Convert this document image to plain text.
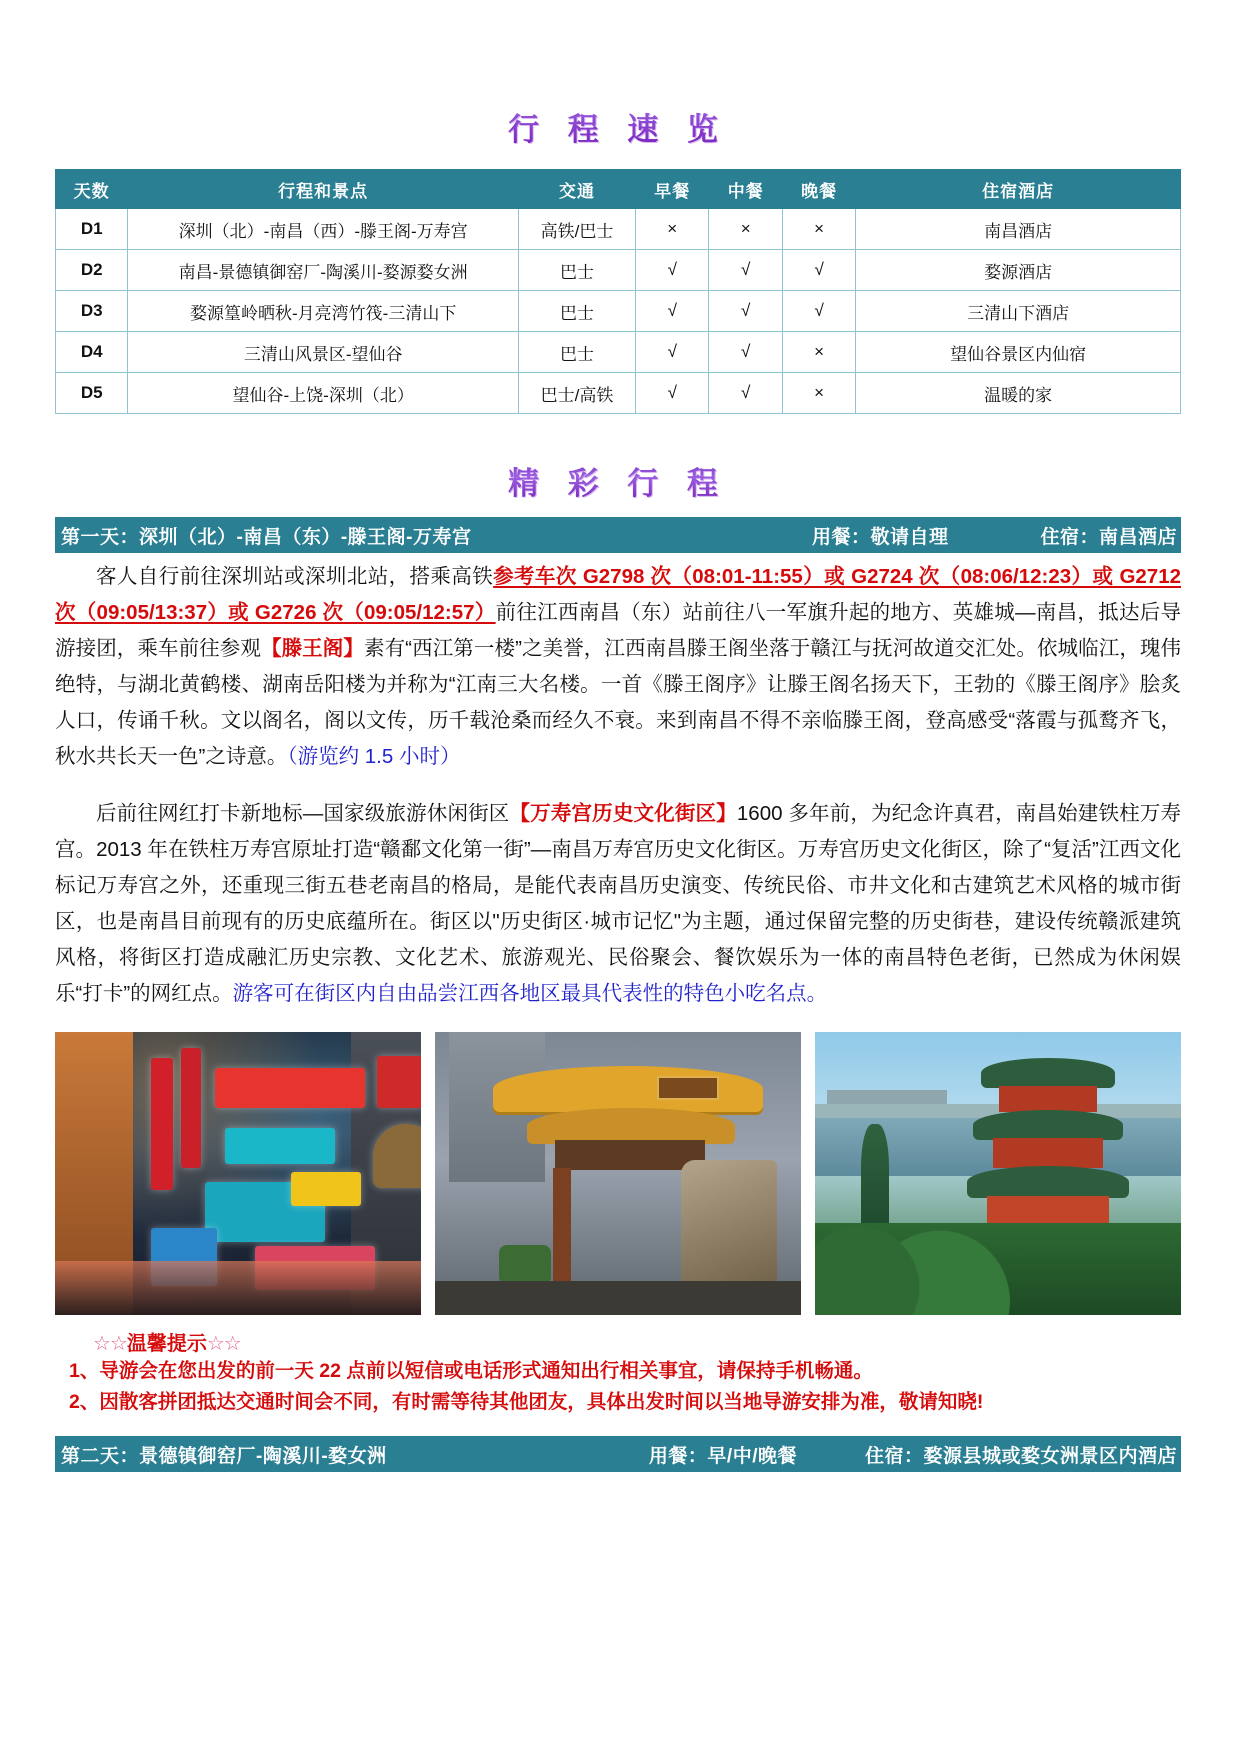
行 程 速 览
天数	行程和景点	交通	早餐	中餐	晚餐	住宿酒店
D1	深圳（北）-南昌（西）-滕王阁-万寿宫	高铁/巴士	×	×	×	南昌酒店
D2	南昌-景德镇御窑厂-陶溪川-婺源婺女洲	巴士	√	√	√	婺源酒店
D3	婺源篁岭晒秋-月亮湾竹筏-三清山下	巴士	√	√	√	三清山下酒店
D4	三清山风景区-望仙谷	巴士	√	√	×	望仙谷景区内仙宿
D5	望仙谷-上饶-深圳（北）	巴士/高铁	√	√	×	温暖的家
精 彩 行 程
第一天：深圳（北）-南昌（东）-滕王阁-万寿宫	用餐：敬请自理	住宿：南昌酒店

客人自行前往深圳站或深圳北站，搭乘高铁参考车次 G2798 次（08:01-11:55）或 G2724 次（08:06/12:23）或 G2712 次（09:05/13:37）或 G2726 次（09:05/12:57）前往江西南昌（东）站前往八一军旗升起的地方、英雄城—南昌，抵达后导游接团，乘车前往参观【滕王阁】素有“西江第一楼”之美誉，江西南昌滕王阁坐落于赣江与抚河故道交汇处。依城临江，瑰伟绝特，与湖北黄鹤楼、湖南岳阳楼为并称为“江南三大名楼。一首《滕王阁序》让滕王阁名扬天下，王勃的《滕王阁序》脍炙人口，传诵千秋。文以阁名，阁以文传，历千载沧桑而经久不衰。来到南昌不得不亲临滕王阁，登高感受“落霞与孤鹜齐飞，秋水共长天一色”之诗意。（游览约 1.5 小时）

后前往网红打卡新地标—国家级旅游休闲街区【万寿宫历史文化街区】1600 多年前，为纪念许真君，南昌始建铁柱万寿宫。2013 年在铁柱万寿宫原址打造“赣鄱文化第一街”—南昌万寿宫历史文化街区。万寿宫历史文化街区，除了“复活”江西文化标记万寿宫之外，还重现三街五巷老南昌的格局，是能代表南昌历史演变、传统民俗、市井文化和古建筑艺术风格的城市街区，也是南昌目前现有的历史底蕴所在。街区以"历史街区·城市记忆"为主题，通过保留完整的历史街巷，建设传统赣派建筑风格，将街区打造成融汇历史宗教、文化艺术、旅游观光、民俗聚会、餐饮娱乐为一体的南昌特色老街，已然成为休闲娱乐“打卡”的网红点。游客可在街区内自由品尝江西各地区最具代表性的特色小吃名点。

☆☆温馨提示☆☆
1、导游会在您出发的前一天 22 点前以短信或电话形式通知出行相关事宜，请保持手机畅通。
2、因散客拼团抵达交通时间会不同，有时需等待其他团友，具体出发时间以当地导游安排为准，敬请知晓!
第二天：景德镇御窑厂-陶溪川-婺女洲	用餐：早/中/晚餐	住宿：婺源县城或婺女洲景区内酒店
